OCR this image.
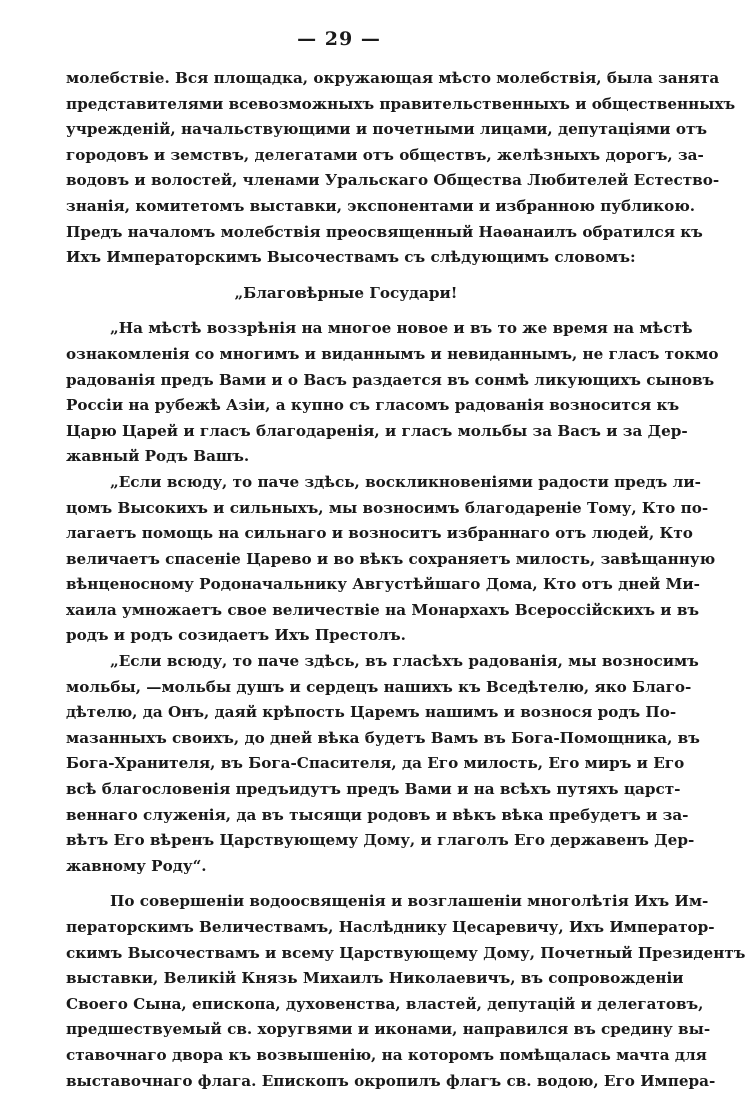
— 29 —
молебствіе. Вся площадка, окружающая мѣсто молебствія, была занята
представителями всевозможныхъ правительственныхъ и общественныхъ
учрежденій, начальствующими и почетными лицами, депутаціями отъ
городовъ и земствъ, делегатами отъ обществъ, желѣзныхъ дорогъ, за-
водовъ и волостей, членами Уральскаго Общества Любителей Естество-
знанія, комитетомъ выставки, экспонентами и избранною публикою.
Предъ началомъ молебствія преосвященный Наѳанаилъ обратился къ
Ихъ Императорскимъ Высочествамъ съ слѣдующимъ словомъ:
„Благовѣрные Государи!
„На мѣстѣ воззрѣнія на многое новое и въ то же время на мѣстѣ
ознакомленія со многимъ и виданнымъ и невиданнымъ, не гласъ токмо
радованія предъ Вами и о Васъ раздается въ сонмѣ ликующихъ сыновъ
Россіи на рубежѣ Азіи, а купно съ гласомъ радованія возносится къ
Царю Царей и гласъ благодаренія, и гласъ мольбы за Васъ и за Дер-
жавный Родъ Вашъ.
„Если всюду, то паче здѣсь, воскликновеніями радости предъ ли-
цомъ Высокихъ и сильныхъ, мы возносимъ благодареніе Тому, Кто по-
лагаетъ помощь на сильнаго и возноситъ избраннаго отъ людей, Кто
величаетъ спасеніе Царево и во вѣкъ сохраняетъ милость, завѣщанную
вѣнценосному Родоначальнику Августѣйшаго Дома, Кто отъ дней Ми-
хаила умножаетъ свое величествіе на Монархахъ Всероссійскихъ и въ
родъ и родъ созидаетъ Ихъ Престолъ.
„Если всюду, то паче здѣсь, въ гласѣхъ радованія, мы возносимъ
мольбы, —мольбы душъ и сердецъ нашихъ къ Вседѣтелю, яко Благо-
дѣтелю, да Онъ, даяй крѣпость Царемъ нашимъ и вознося родъ По-
мазанныхъ своихъ, до дней вѣка будетъ Вамъ въ Бога-Помощника, въ
Бога-Хранителя, въ Бога-Спасителя, да Его милость, Его миръ и Его
всѣ благословенія предъидутъ предъ Вами и на всѣхъ путяхъ царст-
веннаго служенія, да въ тысящи родовъ и вѣкъ вѣка пребудетъ и за-
вѣтъ Его вѣренъ Царствующему Дому, и глаголъ Его державенъ Дер-
жавному Роду“.
По совершеніи водоосвященія и возглашеніи многолѣтія Ихъ Им-
ператорскимъ Величествамъ, Наслѣднику Цесаревичу, Ихъ Император-
скимъ Высочествамъ и всему Царствующему Дому, Почетный Президентъ
выставки, Великій Князь Михаилъ Николаевичъ, въ сопровожденіи
Своего Сына, епископа, духовенства, властей, депутацій и делегатовъ,
предшествуемый св. хоругвями и иконами, направился въ средину вы-
ставочнаго двора къ возвышенію, на которомъ помѣщалась мачта для
выставочнаго флага. Епископъ окропилъ флагъ св. водою, Его Импера-
